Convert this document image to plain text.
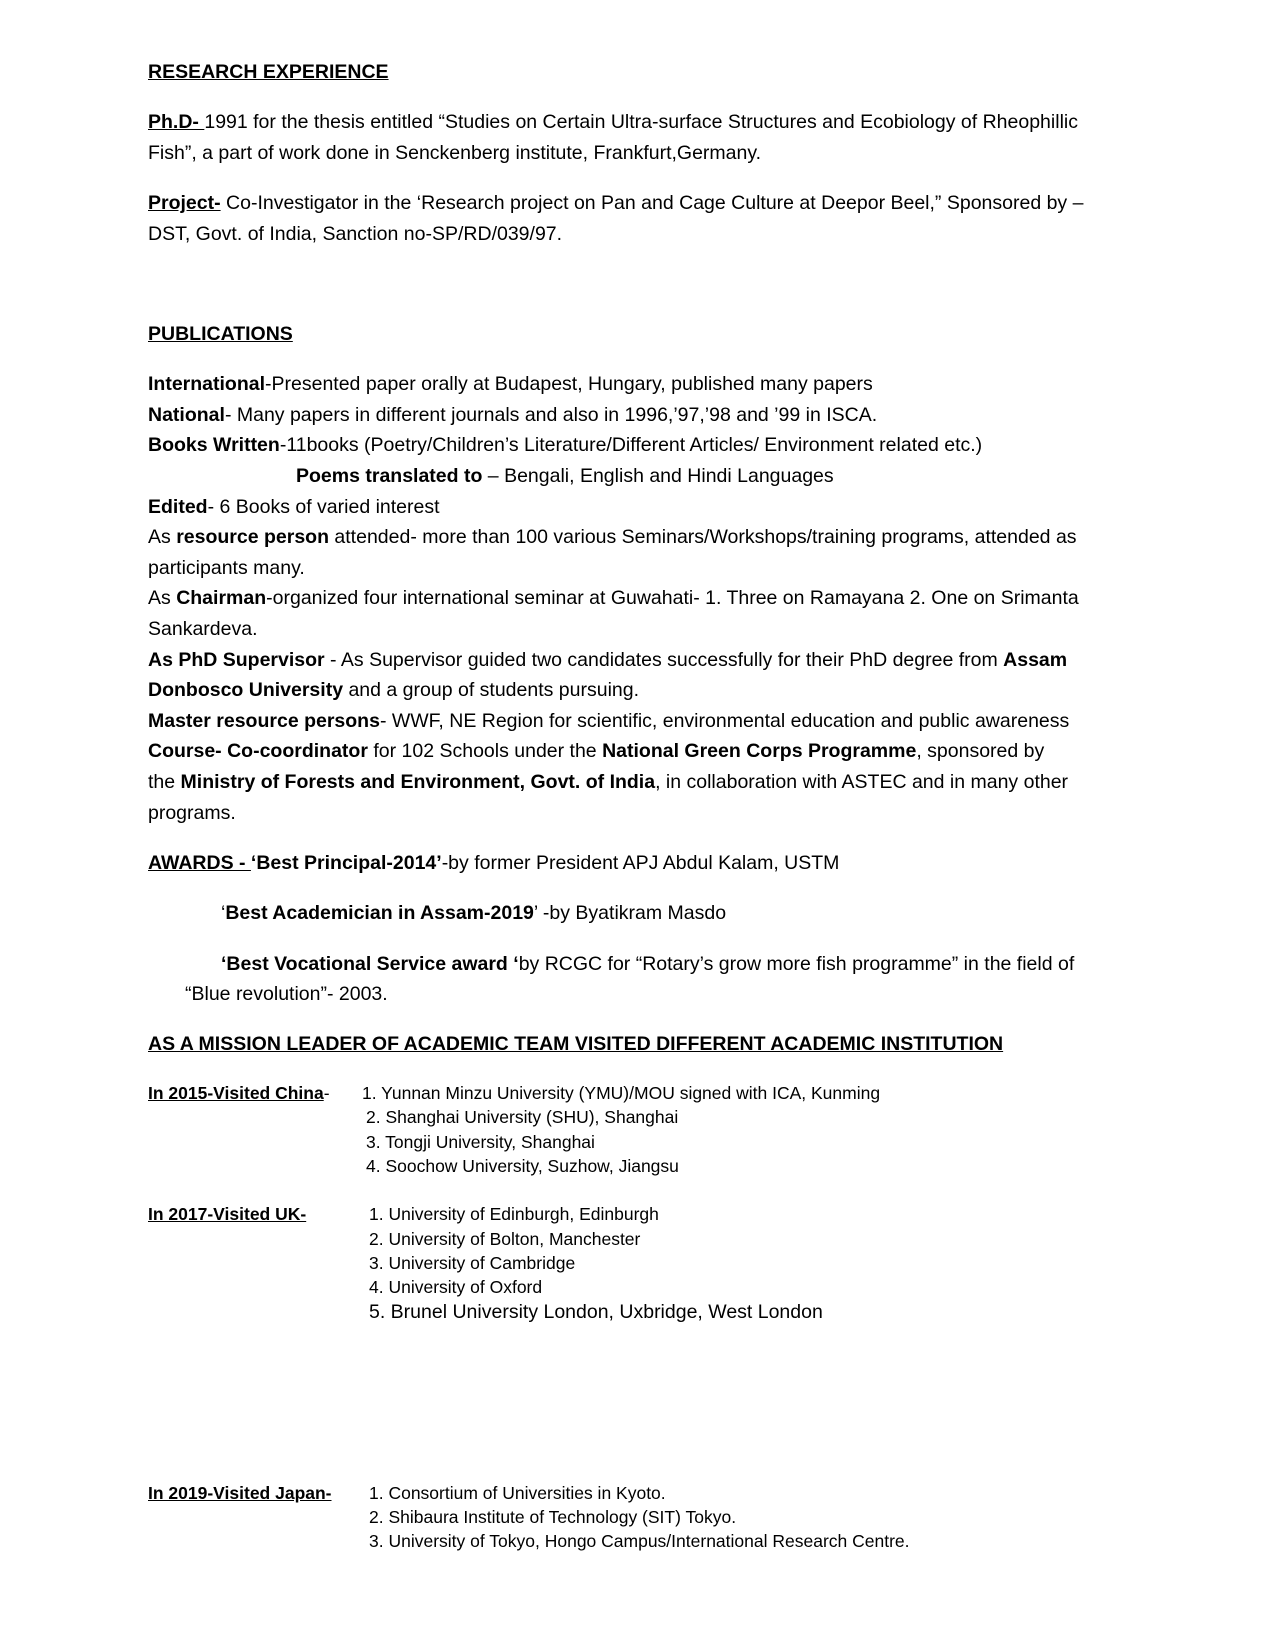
RESEARCH EXPERIENCE
Ph.D- 1991 for the thesis entitled “Studies on Certain Ultra-surface Structures and Ecobiology of Rheophillic
Fish”, a part of work done in Senckenberg institute, Frankfurt,Germany.
Project- Co-Investigator in the ‘Research project on Pan and Cage Culture at Deepor Beel,” Sponsored by –
DST, Govt. of India, Sanction no-SP/RD/039/97.
PUBLICATIONS
International-Presented paper orally at Budapest, Hungary, published many papers
National- Many papers in different journals and also in 1996,’97,’98 and ’99 in ISCA.
Books Written-11books (Poetry/Children’s Literature/Different Articles/ Environment related etc.)
Poems translated to – Bengali, English and Hindi Languages
Edited- 6 Books of varied interest
As resource person attended- more than 100 various Seminars/Workshops/training programs, attended as
participants many.
As Chairman-organized four international seminar at Guwahati- 1. Three on Ramayana 2. One on Srimanta
Sankardeva.
As PhD Supervisor - As Supervisor guided two candidates successfully for their PhD degree from Assam
Donbosco University and a group of students pursuing.
Master resource persons- WWF, NE Region for scientific, environmental education and public awareness
Course- Co-coordinator for 102 Schools under the National Green Corps Programme, sponsored by
the Ministry of Forests and Environment, Govt. of India, in collaboration with ASTEC and in many other
programs.
AWARDS - ‘Best Principal-2014’-by former President APJ Abdul Kalam, USTM
‘Best Academician in Assam-2019’ -by Byatikram Masdo
‘Best Vocational Service award ‘by RCGC for “Rotary’s grow more fish programme” in the field of
“Blue revolution”- 2003.
AS A MISSION LEADER OF ACADEMIC TEAM VISITED DIFFERENT ACADEMIC INSTITUTION
In 2015-Visited China- 1. Yunnan Minzu University (YMU)/MOU signed with ICA, Kunming
2. Shanghai University (SHU), Shanghai
3. Tongji University, Shanghai
4. Soochow University, Suzhow, Jiangsu
In 2017-Visited UK-	1. University of Edinburgh, Edinburgh
2. University of Bolton, Manchester
3. University of Cambridge
4. University of Oxford
5. Brunel University London, Uxbridge, West London
In 2019-Visited Japan- 1. Consortium of Universities in Kyoto.
2. Shibaura Institute of Technology (SIT) Tokyo.
3. University of Tokyo, Hongo Campus/International Research Centre.
